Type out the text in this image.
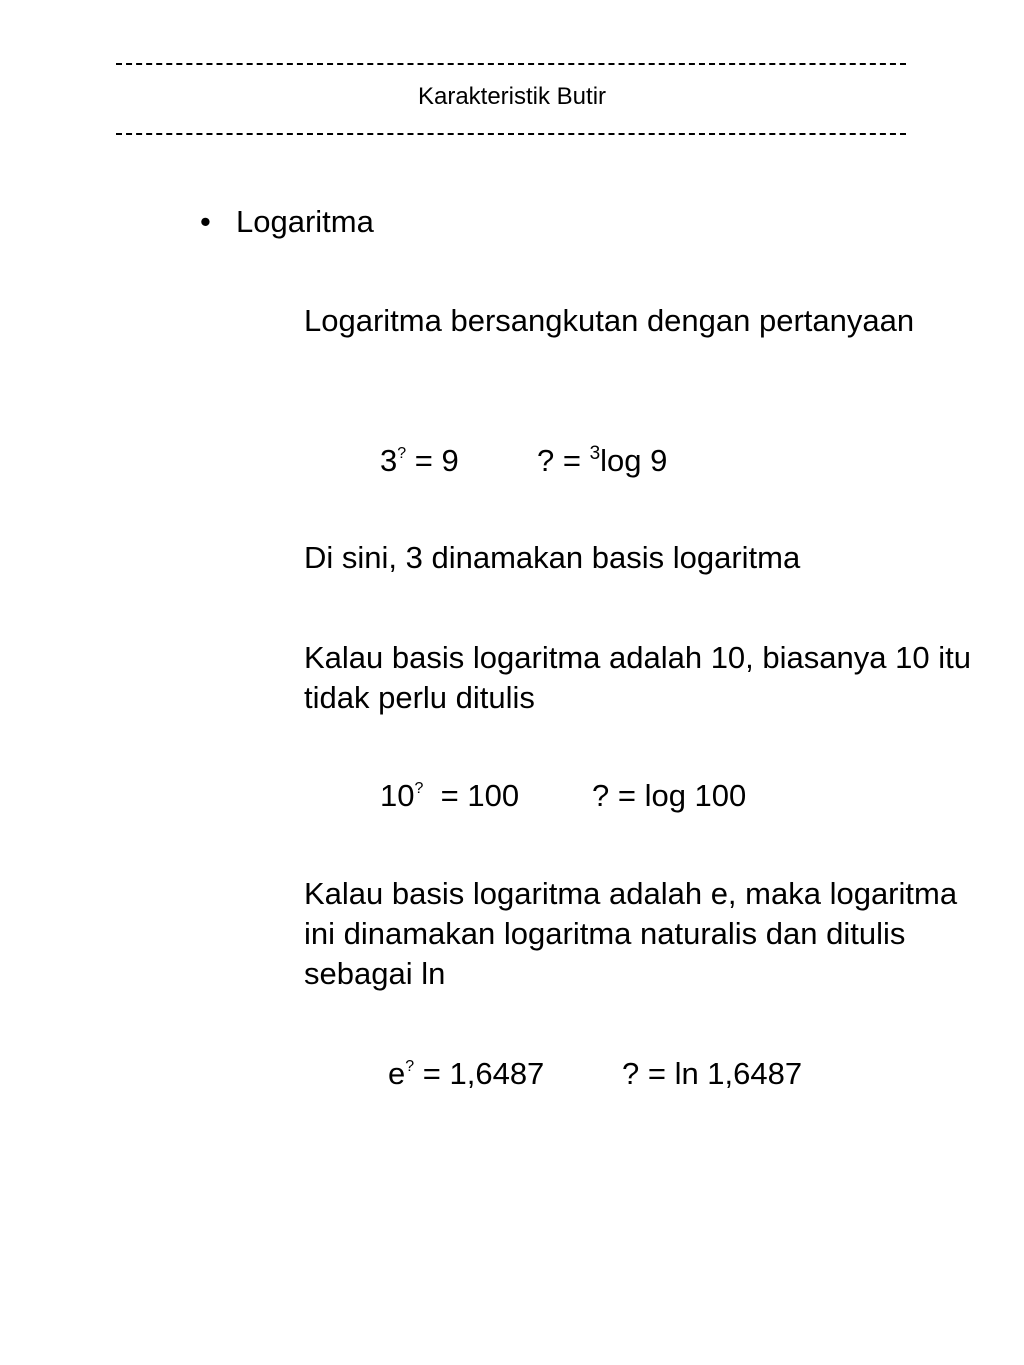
Karakteristik Butir
• Logaritma
Logaritma bersangkutan dengan pertanyaan
3? = 9	? = $^3$log 9
Di sini, 3 dinamakan basis logaritma
Kalau basis logaritma adalah 10, biasanya 10 itu tidak perlu ditulis
10?  = 100 ? = log 100
Kalau basis logaritma adalah e, maka logaritma ini dinamakan logaritma naturalis dan ditulis sebagai ln
e? = 1,6487	? = ln 1,6487
